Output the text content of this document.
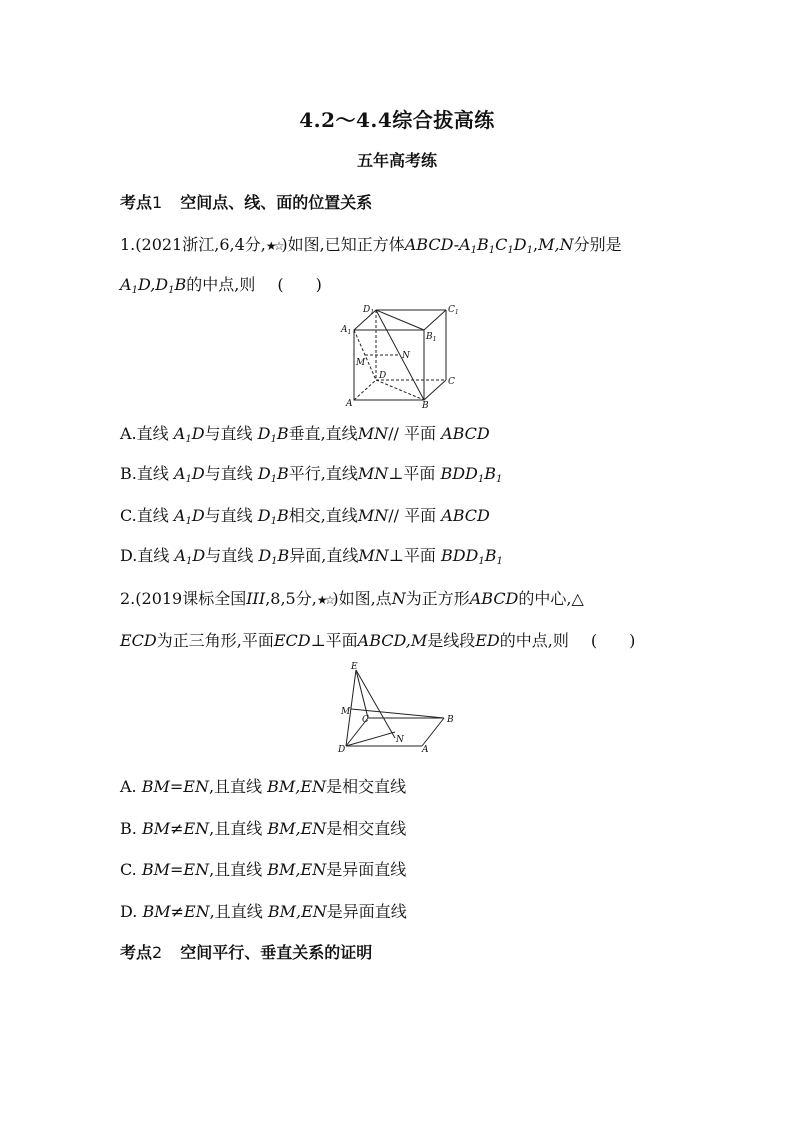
4.2～4.4综合拔高练
五年高考练
考点1 空间点、线、面的位置关系
1.(2021浙江,6,4分,★☆)如图,已知正方体ABCD-$A_1B_1C_1D_1,M,N$分别是
$A_1D,D_1B$的中点,则 (　　)
$D_1$	$C_1$
$A_1$	$B_1$
M
N
D
C
A	B
A.直线 $A_1D$与直线 $D_1B$垂直,直线MN// 平面 ABCD
B.直线 $A_1D$与直线 $D_1B$平行,直线MN⊥平面 $BDD_1B_1$
C.直线 $A_1D$与直线 $D_1B$相交,直线MN// 平面 ABCD
D.直线 $A_1D$与直线 $D_1B$异面,直线MN⊥平面 $BDD_1B_1$
2.(2019课标全国III,8,5分,★☆)如图,点N为正方形ABCD的中心,△
ECD为正三角形,平面ECD⊥平面ABCD,M是线段ED的中点,则 (　　)
E
M
C	B
D
N
A
A. BM=EN,且直线 BM,EN是相交直线
B. BM≠EN,且直线 BM,EN是相交直线
C. BM=EN,且直线 BM,EN是异面直线
D. BM≠EN,且直线 BM,EN是异面直线
考点2 空间平行、垂直关系的证明
